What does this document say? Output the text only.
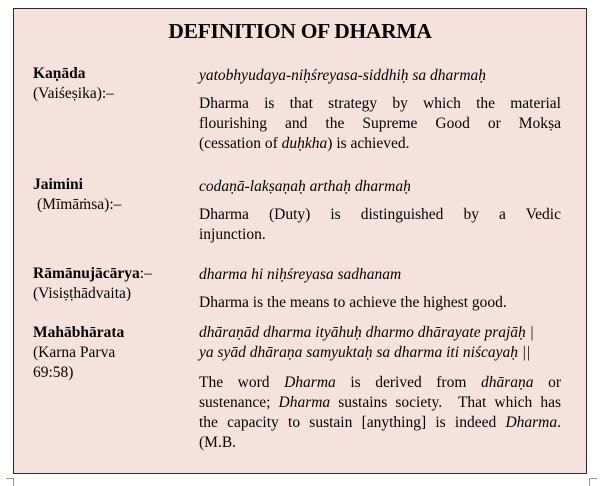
DEFINITION OF DHARMA
Kaṇāda
(Vaiśeṣika):–
yatobhyudaya-niḥśreyasa-siddhiḥ sa dharmaḥ
Dharma is that strategy by which the material
flourishing and the Supreme Good or Mokṣa
(cessation of duḥkha) is achieved.
Jaimini
(Mīmāṁsa):–
codaṇā-lakṣaṇaḥ arthaḥ dharmaḥ
Dharma (Duty) is distinguished by a Vedic
injunction.
Rāmānujācārya:–
(Visiṣṭhādvaita)
dharma hi niḥśreyasa sadhanam
Dharma is the means to achieve the highest good.
Mahābhārata
(Karna Parva
69:58)
dhāraṇād dharma ityāhuḥ dharmo dhārayate prajāḥ |
ya syād dhāraṇa samyuktaḥ sa dharma iti niścayaḥ ||
The word Dharma is derived from dhāraṇa or
sustenance; Dharma sustains society.  That which has
the capacity to sustain [anything] is indeed Dharma.
(M.B.
